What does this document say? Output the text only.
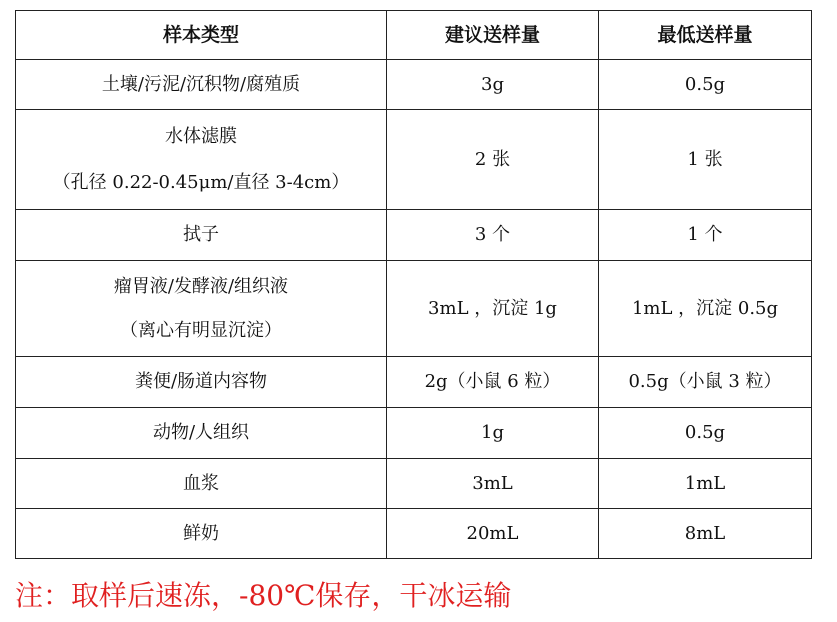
样本类型	建议送样量	最低送样量

土壤/污泥/沉积物/腐殖质	3g	0.5g

水体滤膜
（孔径 0.22-0.45μm/直径 3-4cm）	2 张	1 张

拭子	3 个	1 个

瘤胃液/发酵液/组织液
（离心有明显沉淀）	3mL ，沉淀 1g	1mL ，沉淀 0.5g

粪便/肠道内容物	2g（小鼠 6 粒）	0.5g（小鼠 3 粒）

动物/人组织	1g	0.5g

血浆	3mL	1mL

鲜奶	20mL	8mL
注：取样后速冻，-80℃保存，干冰运输
